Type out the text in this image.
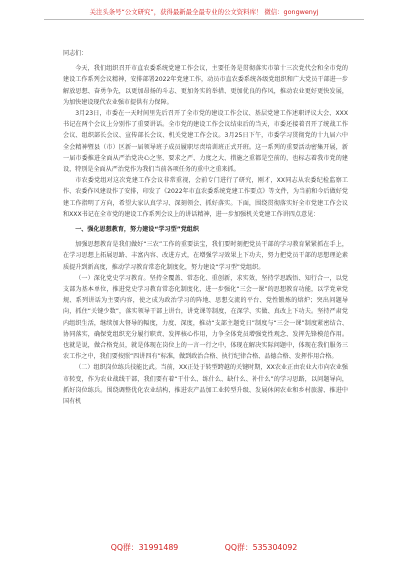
关注头条号“公文研究”，获得最新最全最专业的公文资料库！ 微信：gongwenyj

同志们：

今天，我们组织召开市直农委系统党建工作会议，主要任务是贯彻落实市第十三次党代会和全市党的建设工作系列会议精神，安排部署2022年党建工作，动员市直农委系统各级党组织和广大党员干部进一步解放思想、奋勇争先，以更加昂扬的斗志、更加务实的举措、更加优良的作风，推动农业更好更快发展，为加快建设现代农业强市提供有力保障。

3月23日，市委在一天时间里先后召开了全市党的建设工作会议、基层党建工作述职评议大会、XXX书记在两个会议上分别作了重要讲话。全市党的建设工作会议结束后的当天，市委还接着召开了统战工作会议、组织部长会议、宣传部长会议、机关党建工作会议。3月25日下午，市委学习贯彻党的十九届六中全会精神暨县（市）区新一届领导班子成员履职尽责培训班正式开班。这一系列的重要活动密集开展，新一届市委推进全面从严治党决心之坚、要求之严、力度之大、措施之重都是空前的，也标志着我市党的建设，特别是全面从严治党作为我们当前各项任务的重中之重来抓。

市农委党组对这次党建工作会议非常重视，会前专门进行了研究，刚才，XX同志从农委纪检监察工作、农委作风建设作了安排，印发了《2022年市直农委系统党建工作要点》等文件，为当前和今后做好党建工作指明了方向，希望大家认真学习、深刻领会、抓好落实。下面，围绕贯彻落实好全市党建工作会议和XXX书记在全市党的建设工作系列会议上的讲话精神，进一步加强机关党建工作讲四点意见：

一、强化思想教育，努力建设“学习型”党组织

加强思想教育是我们做好“三农”工作的重要法宝，我们要时刻把党员干部的学习教育紧紧抓在手上，在学习思想上拓展思路、丰富内容、改进方式，在增强学习效果上下功夫，努力把党员干部的思想理论素质提升到新高度，推动学习教育常态化制度化，努力建设“学习型”党组织。

（一）深化党史学习教育。坚持全覆盖、常态化、重创新，求实效，坚持学思践悟、知行合一，以党支部为基本单位，推进党史学习教育常态化制度化，进一步强化“三会一课”的思想教育功能，以学党章党规、系列讲话为主要内容，使之成为政治学习的阵地、思想交流的平台、党性锻炼的熔炉；突出问题导向，抓住“关键少数”，落实领导干部上讲台，讲党课等制度，在深学、实做、真改上下功夫。坚持严肃党内组织生活，继续加大督导的幅度，力度、深度，推动“支部主题党日”制度与“三会一课”制度紧密结合、协同落实，确保党组织充分履行职责、发挥核心作用，力争全体党员增强党性观念、发挥先锋模范作用。也就是说，做合格党员，就是体现在岗位上的一言一行之中，体现在解决实际问题中，体现在我们服务三农工作之中，我们要按照“四讲四有”标准，做到政治合格、执行纪律合格、品德合格、发挥作用合格。

（二）组织岗位练兵技能比武。当前，XX正处于转型跨越的关键时期，XX农业正由农业大市向农业强市转变，作为农业战线干部，我们要有着“干什么、练什么、缺什么、补什么”的学习思路，以问题导向，抓好岗位练兵。围绕调整优化农业结构，推进农产品加工业转型升级、发展休闲农业和乡村旅游、推进中国有机

QQ群：31991489	QQ群：535304092
